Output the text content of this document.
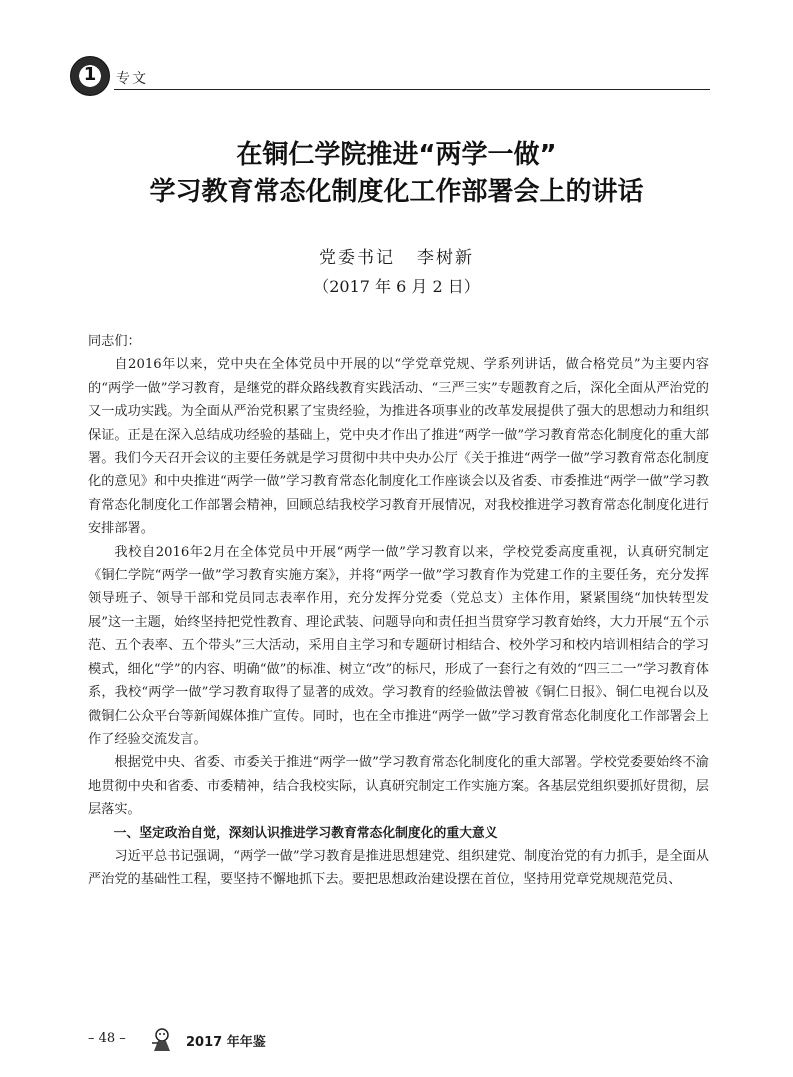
1 专文
在铜仁学院推进“两学一做”
学习教育常态化制度化工作部署会上的讲话
党委书记 李树新
（2017 年 6 月 2 日）

同志们：

自2016年以来，党中央在全体党员中开展的以“学党章党规、学系列讲话，做合格党员”为主要内容的“两学一做”学习教育，是继党的群众路线教育实践活动、“三严三实”专题教育之后，深化全面从严治党的又一成功实践。为全面从严治党积累了宝贵经验，为推进各项事业的改革发展提供了强大的思想动力和组织保证。正是在深入总结成功经验的基础上，党中央才作出了推进“两学一做”学习教育常态化制度化的重大部署。我们今天召开会议的主要任务就是学习贯彻中共中央办公厅《关于推进“两学一做”学习教育常态化制度化的意见》和中央推进“两学一做”学习教育常态化制度化工作座谈会以及省委、市委推进“两学一做”学习教育常态化制度化工作部署会精神，回顾总结我校学习教育开展情况，对我校推进学习教育常态化制度化进行安排部署。

我校自2016年2月在全体党员中开展“两学一做”学习教育以来，学校党委高度重视，认真研究制定《铜仁学院“两学一做”学习教育实施方案》，并将“两学一做”学习教育作为党建工作的主要任务，充分发挥领导班子、领导干部和党员同志表率作用，充分发挥分党委（党总支）主体作用，紧紧围绕“加快转型发展”这一主题，始终坚持把党性教育、理论武装、问题导向和责任担当贯穿学习教育始终，大力开展“五个示范、五个表率、五个带头”三大活动，采用自主学习和专题研讨相结合、校外学习和校内培训相结合的学习模式，细化“学”的内容、明确“做”的标准、树立“改”的标尺，形成了一套行之有效的“四三二一”学习教育体系，我校“两学一做”学习教育取得了显著的成效。学习教育的经验做法曾被《铜仁日报》、铜仁电视台以及微铜仁公众平台等新闻媒体推广宣传。同时，也在全市推进“两学一做”学习教育常态化制度化工作部署会上作了经验交流发言。

根据党中央、省委、市委关于推进“两学一做”学习教育常态化制度化的重大部署。学校党委要始终不渝地贯彻中央和省委、市委精神，结合我校实际，认真研究制定工作实施方案。各基层党组织要抓好贯彻，层层落实。

一、坚定政治自觉，深刻认识推进学习教育常态化制度化的重大意义

习近平总书记强调，“两学一做”学习教育是推进思想建党、组织建党、制度治党的有力抓手，是全面从严治党的基础性工程，要坚持不懈地抓下去。要把思想政治建设摆在首位，坚持用党章党规规范党员、

– 48 –	2017 年年鉴
